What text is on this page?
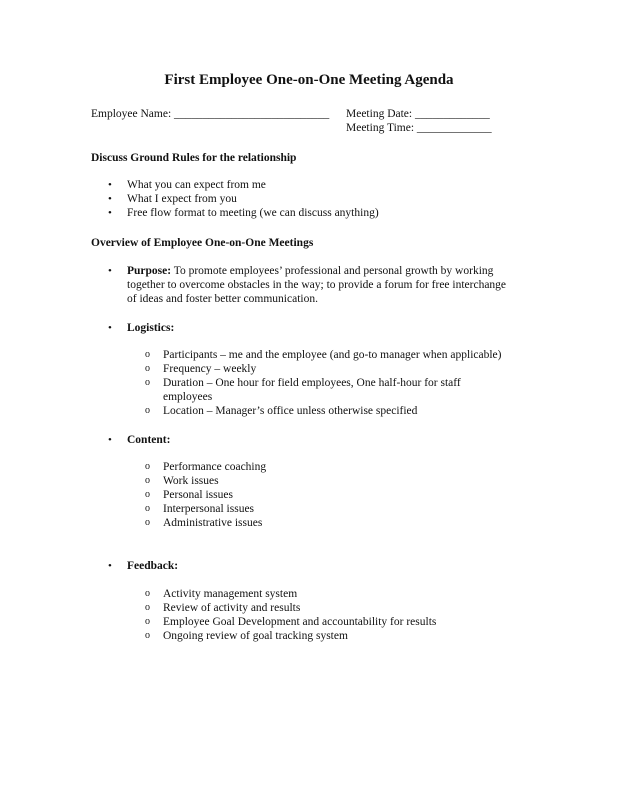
First Employee One-on-One Meeting Agenda
Employee Name: ___________________________ Meeting Date: _____________
Meeting Time: _____________
Discuss Ground Rules for the relationship
• What you can expect from me
• What I expect from you
• Free flow format to meeting (we can discuss anything)
Overview of Employee One-on-One Meetings
• Purpose: To promote employees’ professional and personal growth by working
together to overcome obstacles in the way; to provide a forum for free interchange
of ideas and foster better communication.
• Logistics:
o Participants – me and the employee (and go-to manager when applicable)
o Frequency – weekly
o Duration – One hour for field employees, One half-hour for staff
employees
o Location – Manager’s office unless otherwise specified
• Content:
o Performance coaching
o Work issues
o Personal issues
o Interpersonal issues
o Administrative issues
• Feedback:
o Activity management system
o Review of activity and results
o Employee Goal Development and accountability for results
o Ongoing review of goal tracking system
